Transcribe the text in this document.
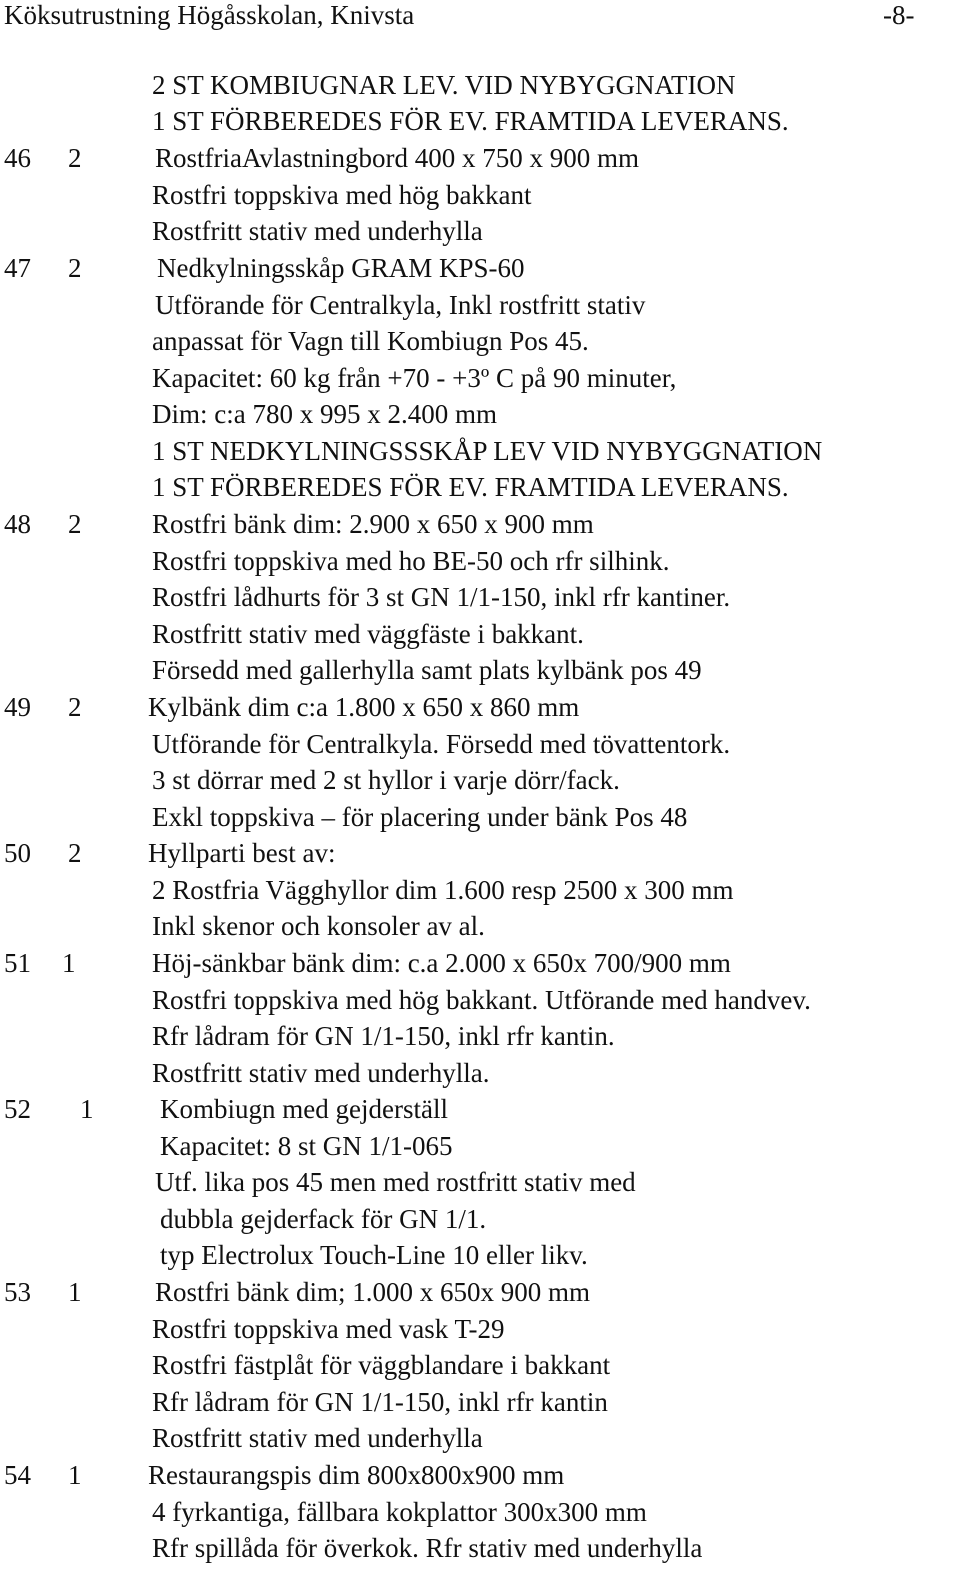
Köksutrustning Högåsskolan, Knivsta	-8-
2 ST KOMBIUGNAR LEV. VID NYBYGGNATION
1 ST FÖRBEREDES FÖR EV. FRAMTIDA LEVERANS.
46 2	RostfriaAvlastningbord 400 x 750 x 900 mm
Rostfri toppskiva med hög bakkant
Rostfritt stativ med underhylla
47 2	Nedkylningsskåp GRAM KPS-60
Utförande för Centralkyla, Inkl rostfritt stativ
anpassat för Vagn till Kombiugn Pos 45.
Kapacitet: 60 kg från +70 - +3º C på 90 minuter,
Dim: c:a 780 x 995 x 2.400 mm
1 ST NEDKYLNINGSSSKÅP LEV VID NYBYGGNATION
1 ST FÖRBEREDES FÖR EV. FRAMTIDA LEVERANS.
48 2	Rostfri bänk dim: 2.900 x 650 x 900 mm
Rostfri toppskiva med ho BE-50 och rfr silhink.
Rostfri lådhurts för 3 st GN 1/1-150, inkl rfr kantiner.
Rostfritt stativ med väggfäste i bakkant.
Försedd med gallerhylla samt plats kylbänk pos 49
49 2 Kylbänk dim c:a 1.800 x 650 x 860 mm
Utförande för Centralkyla. Försedd med tövattentork.
3 st dörrar med 2 st hyllor i varje dörr/fack.
Exkl toppskiva – för placering under bänk Pos 48
50 2 Hyllparti best av:
2 Rostfria Vägghyllor dim 1.600 resp 2500 x 300 mm
Inkl skenor och konsoler av al.
51 1	Höj-sänkbar bänk dim: c.a 2.000 x 650x 700/900 mm
Rostfri toppskiva med hög bakkant. Utförande med handvev.
Rfr lådram för GN 1/1-150, inkl rfr kantin.
Rostfritt stativ med underhylla.
52 1 Kombiugn med gejderställ
Kapacitet: 8 st GN 1/1-065
Utf. lika pos 45 men med rostfritt stativ med
dubbla gejderfack för GN 1/1.
typ Electrolux Touch-Line 10 eller likv.
53 1	Rostfri bänk dim; 1.000 x 650x 900 mm
Rostfri toppskiva med vask T-29
Rostfri fästplåt för väggblandare i bakkant
Rfr lådram för GN 1/1-150, inkl rfr kantin
Rostfritt stativ med underhylla
54 1 Restaurangspis dim 800x800x900 mm
4 fyrkantiga, fällbara kokplattor 300x300 mm
Rfr spillåda för överkok. Rfr stativ med underhylla
